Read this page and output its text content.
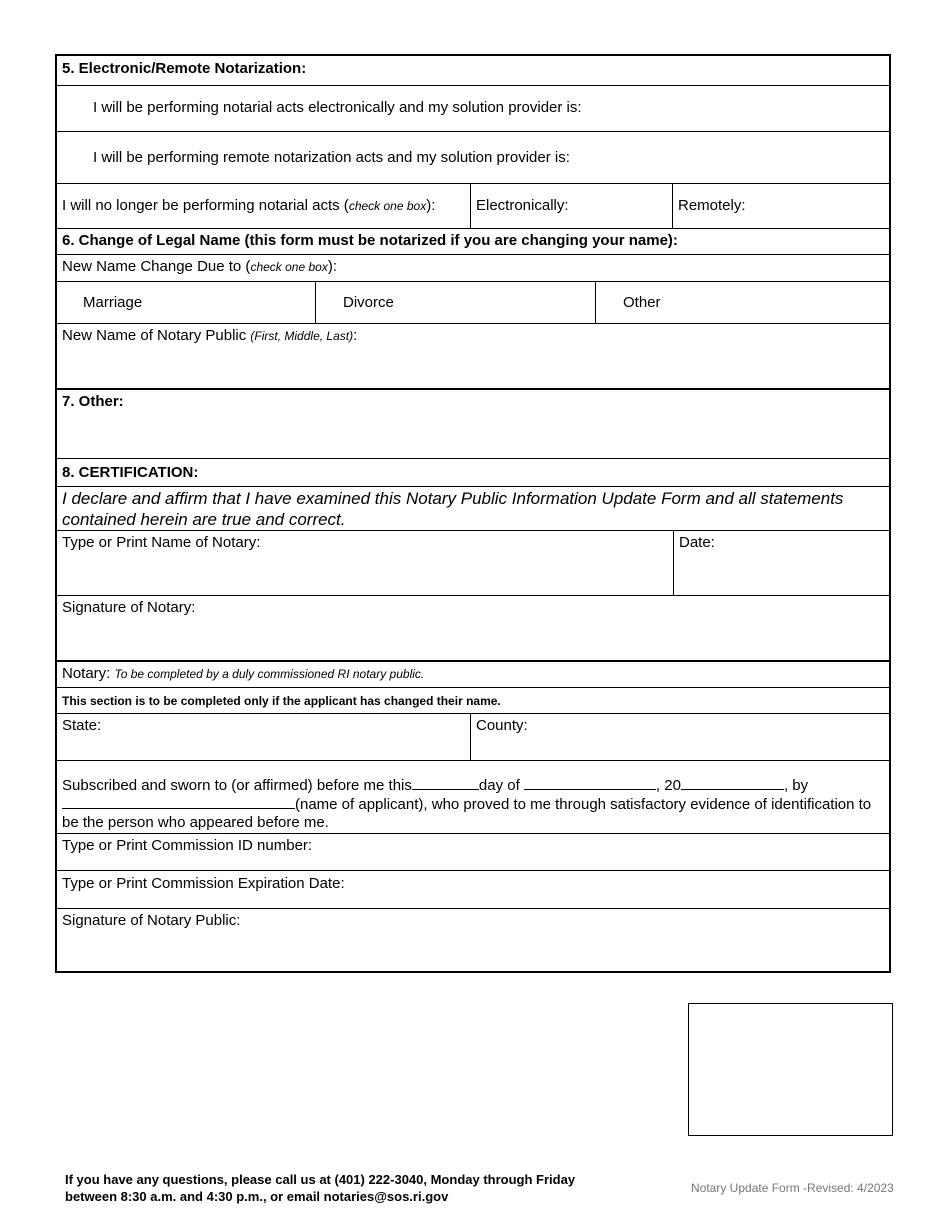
5. Electronic/Remote Notarization:
I will be performing notarial acts electronically and my solution provider is:
I will be performing remote notarization acts and my solution provider is:
I will no longer be performing notarial acts (check one box):	Electronically:	Remotely:
6. Change of Legal Name (this form must be notarized if you are changing your name):
New Name Change Due to (check one box):
Marriage	Divorce	Other
New Name of Notary Public (First, Middle, Last):
7. Other:
8. CERTIFICATION:
I declare and affirm that I have examined this Notary Public Information Update Form and all statements contained herein are true and correct.
Type or Print Name of Notary:	Date:
Signature of Notary:
Notary: To be completed by a duly commissioned RI notary public.
This section is to be completed only if the applicant has changed their name.
State:	County:
Subscribed and sworn to (or affirmed) before me this	day of	, 20	, by
(name of applicant), who proved to me through satisfactory evidence of identification to be the person who appeared before me.
Type or Print Commission ID number:
Type or Print Commission Expiration Date:
Signature of Notary Public:
If you have any questions, please call us at (401) 222-3040, Monday through Friday
between 8:30 a.m. and 4:30 p.m., or email notaries@sos.ri.gov
Notary Update Form -Revised: 4/2023
